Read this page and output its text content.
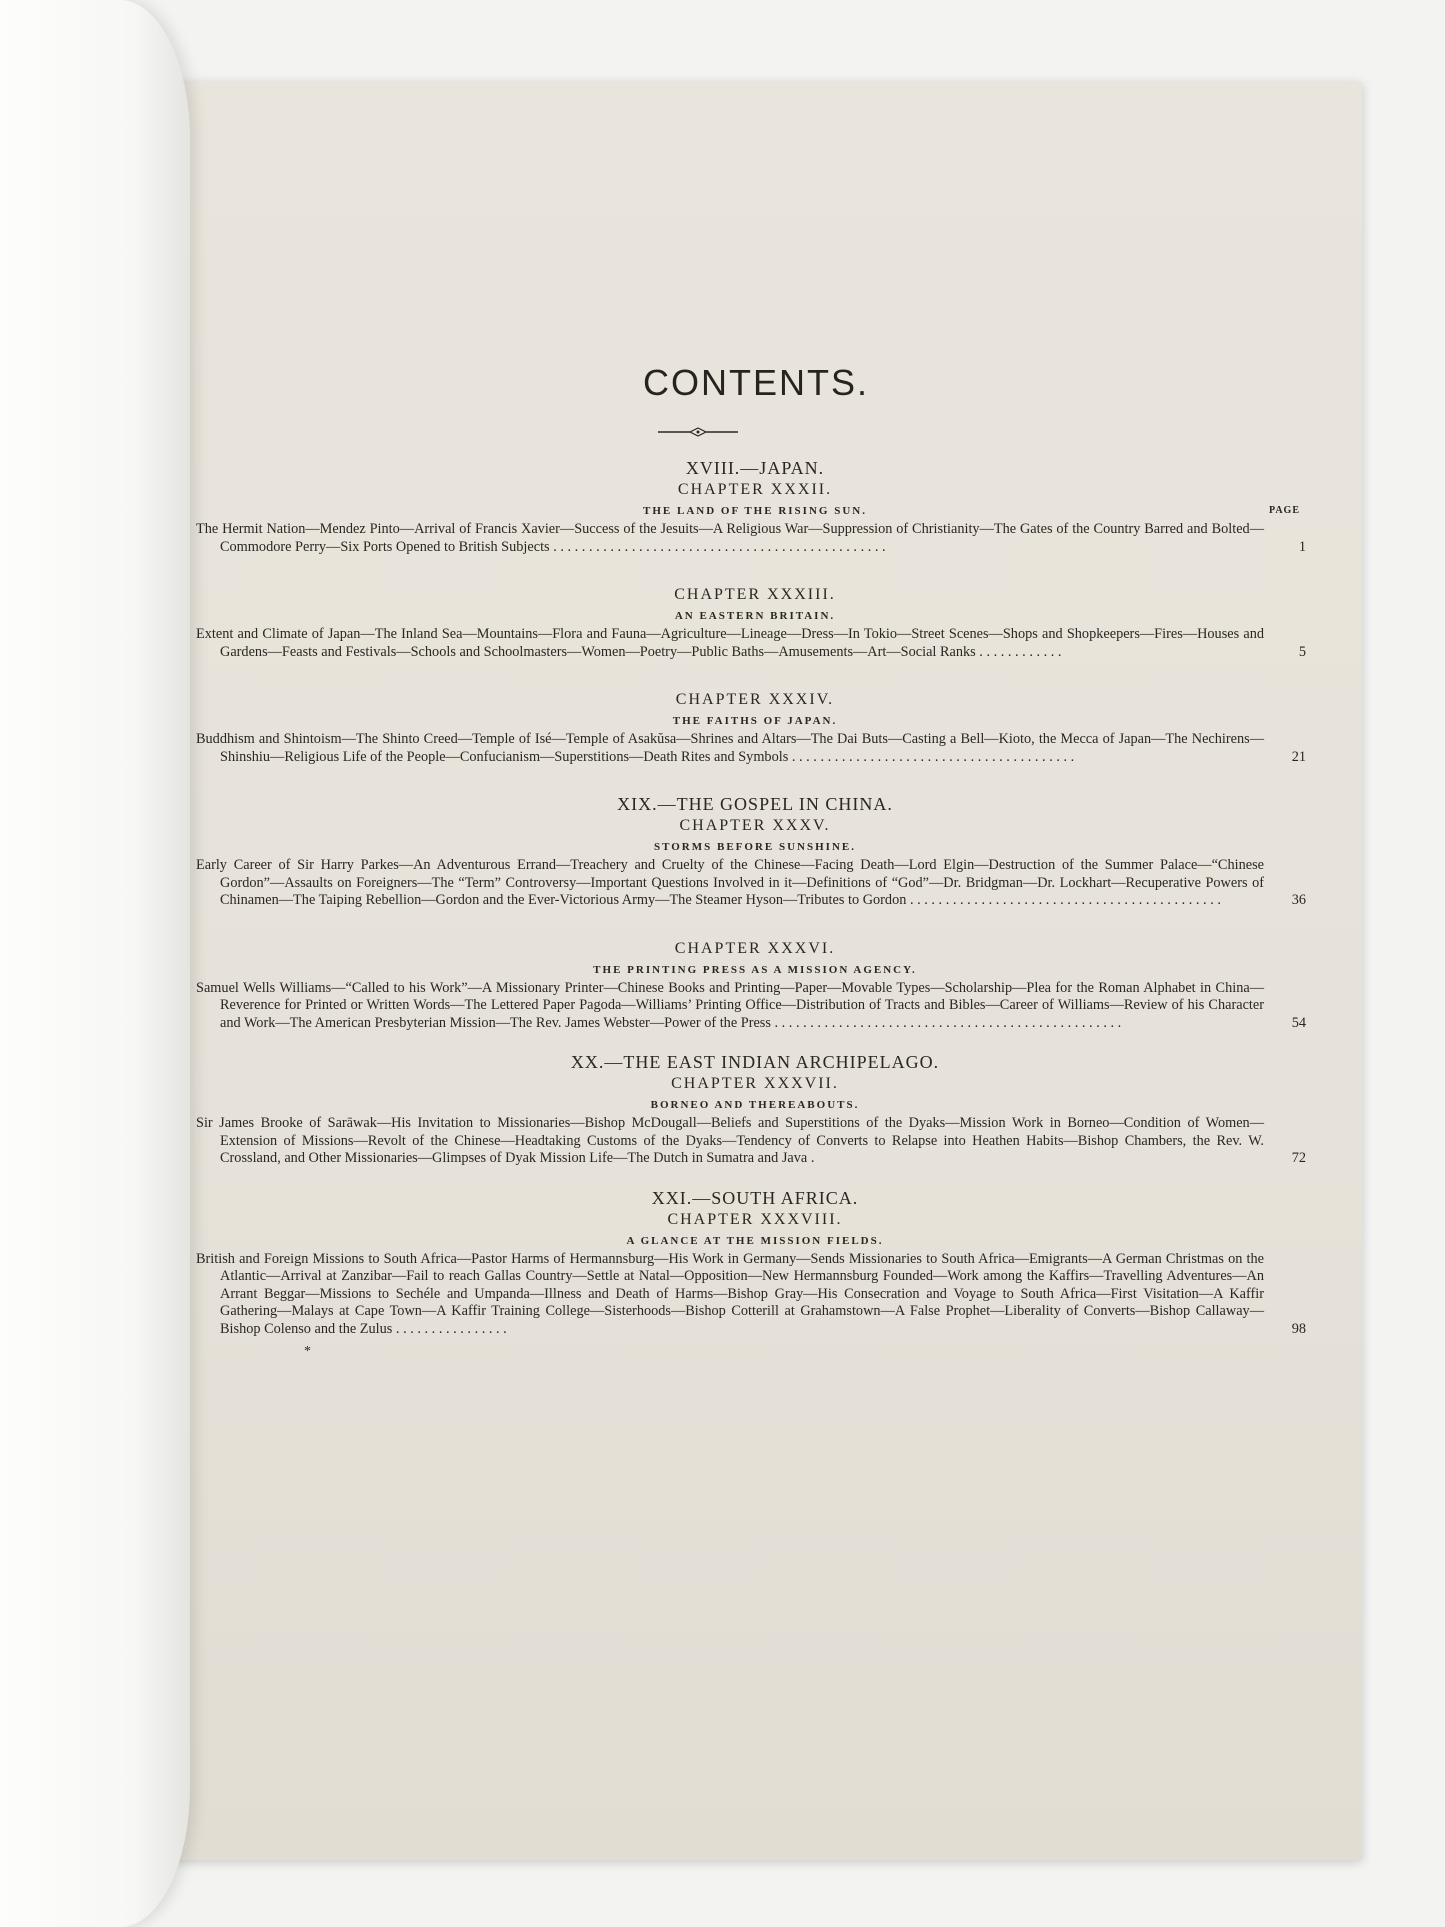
CONTENTS.

XVIII.—JAPAN.

CHAPTER XXXII.

THE LAND OF THE RISING SUN.	PAGE

The Hermit Nation—Mendez Pinto—Arrival of Francis Xavier—Success of the Jesuits—A Religious War—Suppression of Christianity—The Gates of the Country Barred and Bolted—Commodore Perry—Six Ports Opened to British Subjects . . . . . . . . . . . . . . . . . . . . . . . . . . . . . . . . . . . . . . . . . . . . . . .	1

CHAPTER XXXIII.

AN EASTERN BRITAIN.

Extent and Climate of Japan—The Inland Sea—Mountains—Flora and Fauna—Agriculture—Lineage—Dress—In Tokio—Street Scenes—Shops and Shopkeepers—Fires—Houses and Gardens—Feasts and Festivals—Schools and Schoolmasters—Women—Poetry—Public Baths—Amusements—Art—Social Ranks . . . . . . . . . . . .	5

CHAPTER XXXIV.

THE FAITHS OF JAPAN.

Buddhism and Shintoism—The Shinto Creed—Temple of Isé—Temple of Asakŭsa—Shrines and Altars—The Dai Buts—Casting a Bell—Kioto, the Mecca of Japan—The Nechirens—Shinshiu—Religious Life of the People—Confucianism—Superstitions—Death Rites and Symbols . . . . . . . . . . . . . . . . . . . . . . . . . . . . . . . . . . . . . . . .	21

XIX.—THE GOSPEL IN CHINA.

CHAPTER XXXV.

STORMS BEFORE SUNSHINE.

Early Career of Sir Harry Parkes—An Adventurous Errand—Treachery and Cruelty of the Chinese—Facing Death—Lord Elgin—Destruction of the Summer Palace—“Chinese Gordon”—Assaults on Foreigners—The “Term” Controversy—Important Questions Involved in it—Definitions of “God”—Dr. Bridgman—Dr. Lockhart—Recuperative Powers of Chinamen—The Taiping Rebellion—Gordon and the Ever-Victorious Army—The Steamer Hyson—Tributes to Gordon . . . . . . . . . . . . . . . . . . . . . . . . . . . . . . . . . . . . . . . . . . . .	36

CHAPTER XXXVI.

THE PRINTING PRESS AS A MISSION AGENCY.

Samuel Wells Williams—“Called to his Work”—A Missionary Printer—Chinese Books and Printing—Paper—Movable Types—Scholarship—Plea for the Roman Alphabet in China—Reverence for Printed or Written Words—The Lettered Paper Pagoda—Williams’ Printing Office—Distribution of Tracts and Bibles—Career of Williams—Review of his Character and Work—The American Presbyterian Mission—The Rev. James Webster—Power of the Press . . . . . . . . . . . . . . . . . . . . . . . . . . . . . . . . . . . . . . . . . . . . . . . . .	54

XX.—THE EAST INDIAN ARCHIPELAGO.

CHAPTER XXXVII.

BORNEO AND THEREABOUTS.

Sir James Brooke of Sarāwak—His Invitation to Missionaries—Bishop McDougall—Beliefs and Superstitions of the Dyaks—Mission Work in Borneo—Condition of Women—Extension of Missions—Revolt of the Chinese—Headtaking Customs of the Dyaks—Tendency of Converts to Relapse into Heathen Habits—Bishop Chambers, the Rev. W. Crossland, and Other Missionaries—Glimpses of Dyak Mission Life—The Dutch in Sumatra and Java .	72

XXI.—SOUTH AFRICA.

CHAPTER XXXVIII.

A GLANCE AT THE MISSION FIELDS.

British and Foreign Missions to South Africa—Pastor Harms of Hermannsburg—His Work in Germany—Sends Missionaries to South Africa—Emigrants—A German Christmas on the Atlantic—Arrival at Zanzibar—Fail to reach Gallas Country—Settle at Natal—Opposition—New Hermannsburg Founded—Work among the Kaffirs—Travelling Adventures—An Arrant Beggar—Missions to Sechéle and Umpanda—Illness and Death of Harms—Bishop Gray—His Consecration and Voyage to South Africa—First Visitation—A Kaffir Gathering—Malays at Cape Town—A Kaffir Training College—Sisterhoods—Bishop Cotterill at Grahamstown—A False Prophet—Liberality of Converts—Bishop Callaway—Bishop Colenso and the Zulus . . . . . . . . . . . . . . . .	98

*
